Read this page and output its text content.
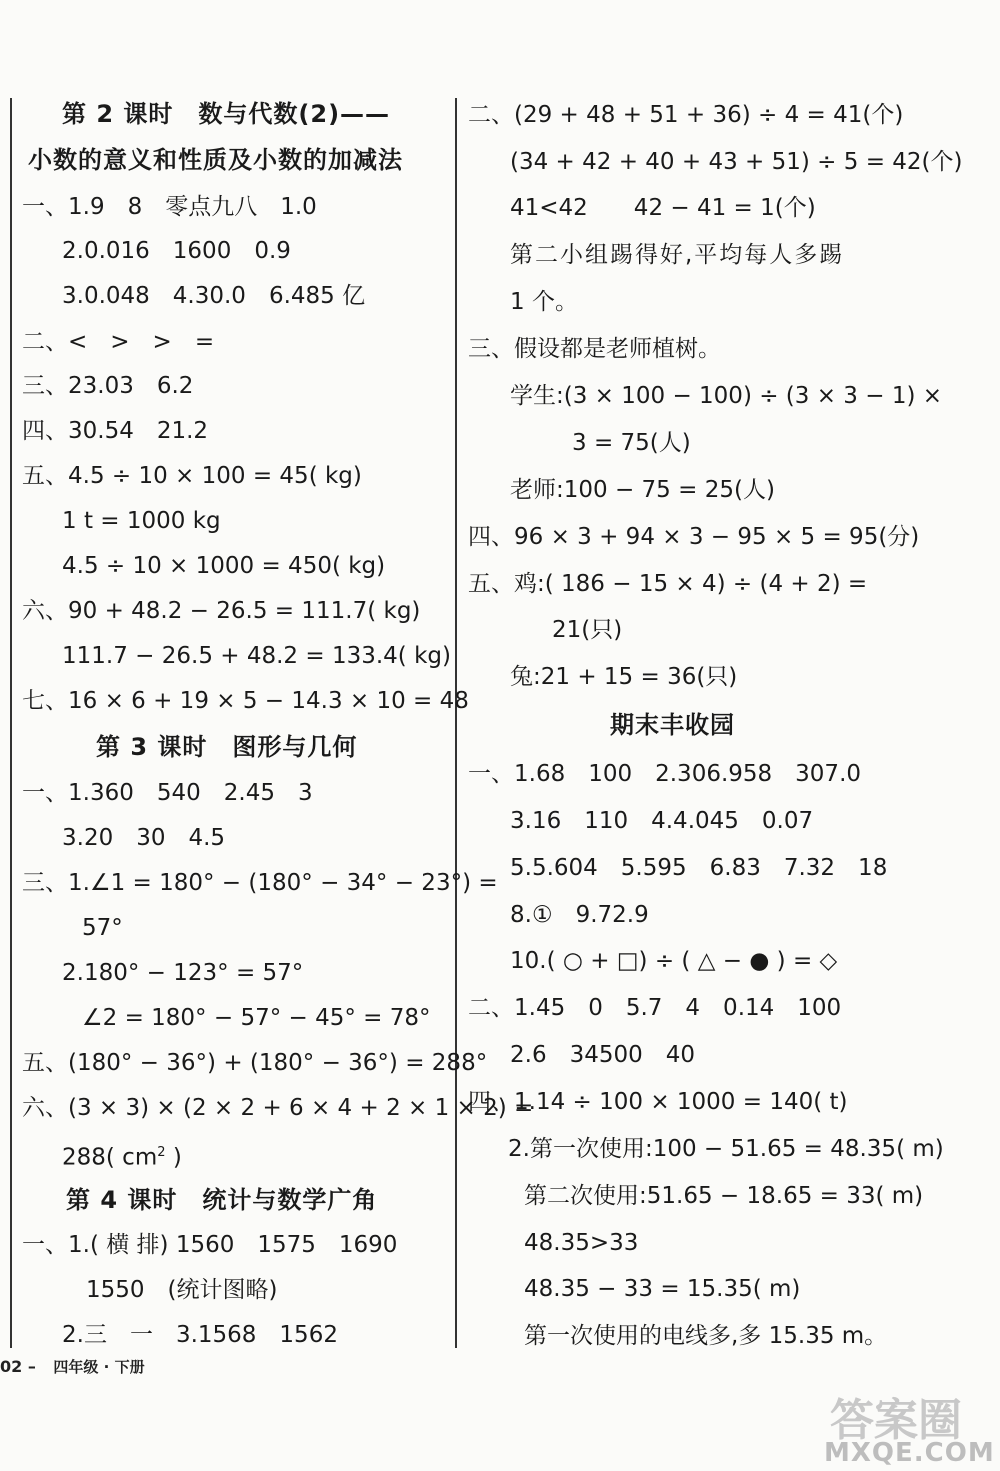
第 2 课时　数与代数(2)——
小数的意义和性质及小数的加减法
一、1.9　8　零点九八　1.0
2.0.016　1600　0.9
3.0.048　4.30.0　6.485 亿
二、<　>　>　=
三、23.03　6.2
四、30.54　21.2
五、4.5 ÷ 10 × 100 = 45( kg)
1 t = 1000 kg
4.5 ÷ 10 × 1000 = 450( kg)
六、90 + 48.2 − 26.5 = 111.7( kg)
111.7 − 26.5 + 48.2 = 133.4( kg)
七、16 × 6 + 19 × 5 − 14.3 × 10 = 48
第 3 课时　图形与几何
一、1.360　540　2.45　3
3.20　30　4.5
三、1.∠1 = 180° − (180° − 34° − 23°) =
57°
2.180° − 123° = 57°
∠2 = 180° − 57° − 45° = 78°
五、(180° − 36°) + (180° − 36°) = 288°
六、(3 × 3) × (2 × 2 + 6 × 4 + 2 × 1 × 2) =
288( $cm^2$ )
第 4 课时　统计与数学广角
一、1.( 横 排) 1560　1575　1690
1550　(统计图略)
2.三　一　3.1568　1562
二、(29 + 48 + 51 + 36) ÷ 4 = 41(个)
(34 + 42 + 40 + 43 + 51) ÷ 5 = 42(个)
41<42　　42 − 41 = 1(个)
第二小组踢得好,平均每人多踢
1 个。
三、假设都是老师植树。
学生:(3 × 100 − 100) ÷ (3 × 3 − 1) ×
3 = 75(人)
老师:100 − 75 = 25(人)
四、96 × 3 + 94 × 3 − 95 × 5 = 95(分)
五、鸡:( 186 − 15 × 4) ÷ (4 + 2) =
21(只)
兔:21 + 15 = 36(只)
期末丰收园
一、1.68　100　2.306.958　307.0
3.16　110　4.4.045　0.07
5.5.604　5.595　6.83　7.32　18
8.①　9.72.9
10.( ○ + □) ÷ ( △ − ● ) = ◇
二、1.45　0　5.7　4　0.14　100
2.6　34500　40
四、1.14 ÷ 100 × 1000 = 140( t)
2.第一次使用:100 − 51.65 = 48.35( m)
第二次使用:51.65 − 18.65 = 33( m)
48.35>33
48.35 − 33 = 15.35( m)
第一次使用的电线多,多 15.35 m。
02 – 四年级 · 下册
答案圈
MXQE.COM
